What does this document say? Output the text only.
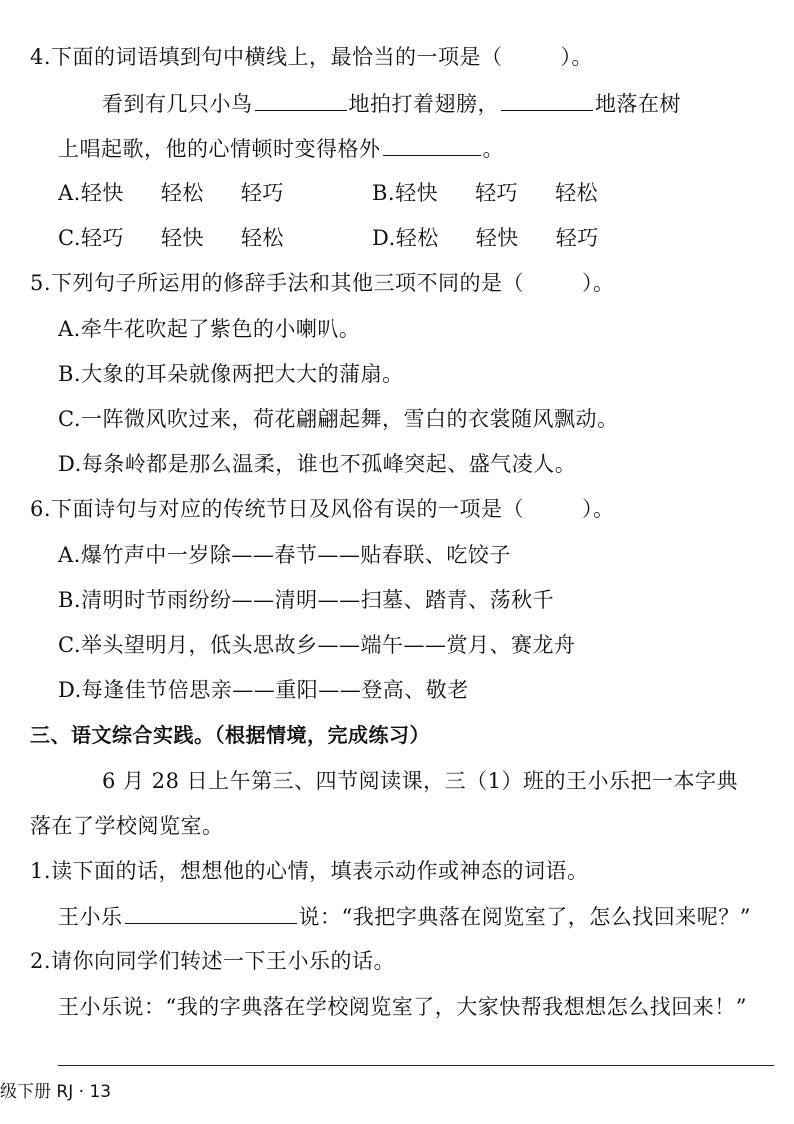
4.下面的词语填到句中横线上，最恰当的一项是（	）。
看到有几只小鸟	地拍打着翅膀，	地落在树
上唱起歌，他的心情顿时变得格外	。
A.轻快 轻松 轻巧	B.轻快 轻巧 轻松
C.轻巧 轻快 轻松	D.轻松 轻快 轻巧
5.下列句子所运用的修辞手法和其他三项不同的是（	）。
A.牵牛花吹起了紫色的小喇叭。
B.大象的耳朵就像两把大大的蒲扇。
C.一阵微风吹过来，荷花翩翩起舞，雪白的衣裳随风飘动。
D.每条岭都是那么温柔，谁也不孤峰突起、盛气凌人。
6.下面诗句与对应的传统节日及风俗有误的一项是（	）。
A.爆竹声中一岁除——春节——贴春联、吃饺子
B.清明时节雨纷纷——清明——扫墓、踏青、荡秋千
C.举头望明月，低头思故乡——端午——赏月、赛龙舟
D.每逢佳节倍思亲——重阳——登高、敬老
三、语文综合实践。（根据情境，完成练习）
6 月 28 日上午第三、四节阅读课，三（1）班的王小乐把一本字典
落在了学校阅览室。
1.读下面的话，想想他的心情，填表示动作或神态的词语。
王小乐	说：“我把字典落在阅览室了，怎么找回来呢？”
2.请你向同学们转述一下王小乐的话。
王小乐说：“我的字典落在学校阅览室了，大家快帮我想想怎么找回来！”
级下册 RJ · 13
